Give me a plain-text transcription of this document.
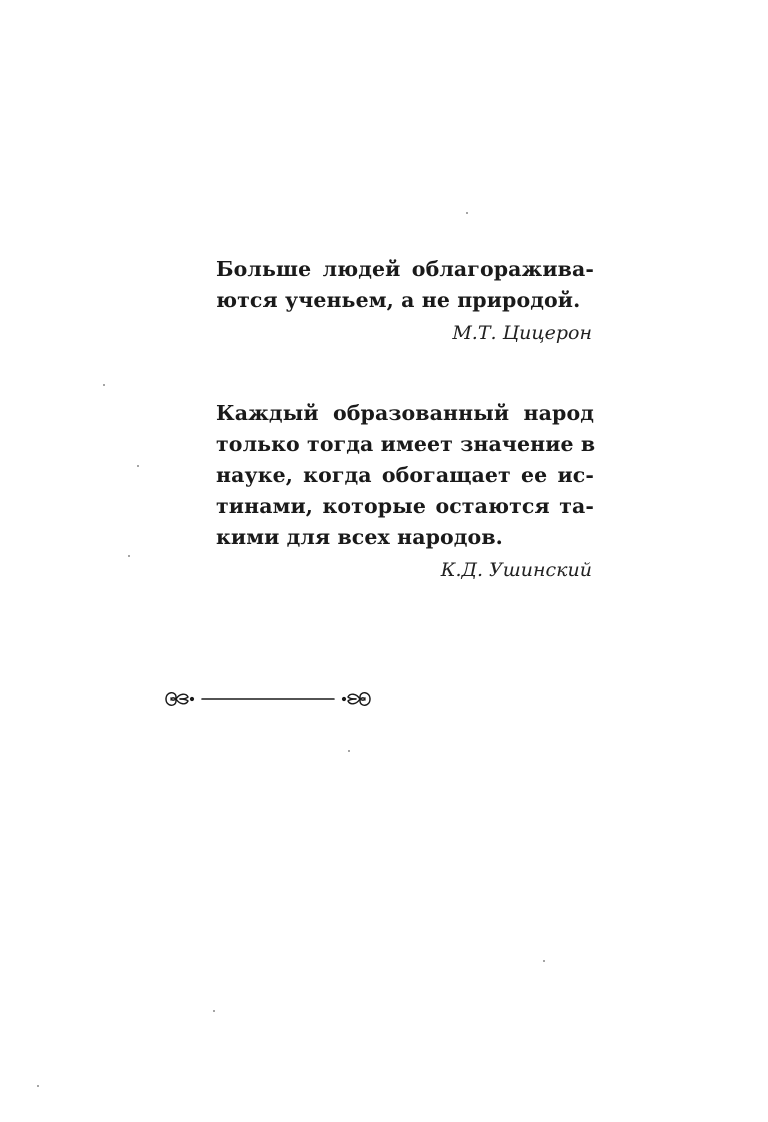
Больше людей облагоражива-
ются ученьем, а не природой.
М.Т. Цицерон
Каждый образованный народ
только тогда имеет значение в
науке, когда обогащает ее ис-
тинами, которые остаются та-
кими для всех народов.
К.Д. Ушинский
